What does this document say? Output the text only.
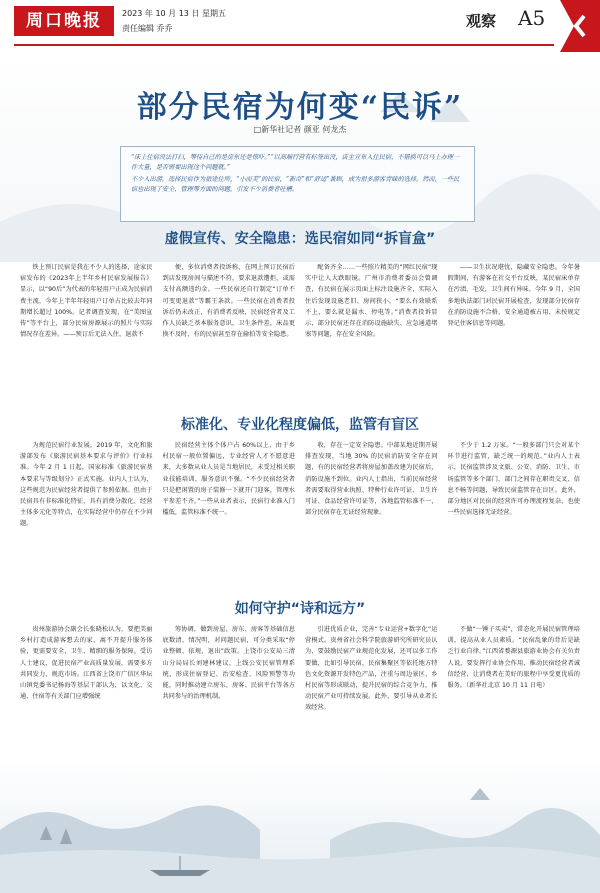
周口晚报	2023 年 10 月 13 日 星期五
责任编辑 乔乔	观察 A5
部分民宿为何变“民诉”
□新华社记者 颜亚 何龙杰

“床上住宿没法打扫，等待自己的是房东还是惊吓。”“以高端行营有标签出没，店主宣布入住民宿，不错换可以马上办理一件大量，是否需要出现这个问题就。”

不少入出游，选择民宿作为旅途住所，“小而美”的民宿，“新奇”和“舒适”兼顾，成为很多游客青睐的选择。然而，一些民宿也出现了安全、管理等方面的问题，引发不少消费者吐槽。

虚假宣传、安全隐患：选民宿如同“拆盲盒”

铁上预订民宿是我在不少人的选择，途家民宿发布的《2023年上半年乡村民宿发展报告》显示，以“90后”为代表的年轻用户正成为民宿消费主流，今年上半年年轻用户订单占比较去年同期增长超过 100%。记者调查发现，在“美图宣传”等平台上，部分民宿房源展示的照片与实际情况存在差异。——预订后无法入住，退款不

便，多位消费者投诉称，在网上预订民宿后到店发现房间与描述不符，要求退款遭拒，或需支付高额违约金。一些民宿还自行制定“订单不可变更退款”等霸王条款。一些民宿在消费者投诉后仍未改正，有消费者反映，民宿经营者及工作人员缺乏基本服务意识，卫生条件差，床品更换不及时，有的民宿甚至存在偷拍等安全隐患。

配备齐全……一些照片精美的“网红民宿”现实中让人大跌眼镜。广州市消费者委员会曾调查，有民宿在展示页面上标注设施齐全，实际入住后发现设施老旧、房间狭小。“要么有效联系不上，要么就是漏水、停电等。”消费者投诉显示，部分民宿还存在消防设施缺失、应急通道堵塞等问题，存在安全风险。

——卫生状况堪忧，隐藏安全隐患。今年暑假期间，有游客在社交平台反映，某民宿床单存在污渍、毛发，卫生间有异味。今年 9 月，全国多地执法部门对民宿开展检查，发现部分民宿存在消防设施不合格、安全通道被占用、未按规定登记住客信息等问题。

标准化、专业化程度偏低，监管有盲区

为规范民宿行业发展，2019 年，文化和旅游部发布《旅游民宿基本要求与评价》行业标准。今年 2 月 1 日起，国家标准《旅游民宿基本要求与等级划分》正式实施。业内人士认为，这些规范为民宿经营者提供了参照依据。但由于民宿具有非标准化特征，具有消费分散化、经营主体多元化等特点，在实际经营中仍存在不少问题。

民宿经营主体个体户占 60%以上，由于乡村民宿一般位置偏远，专业经营人才不愿意进来，大多数从业人员是当地居民，未受过相关职业技能培训，服务意识不强。“不少民宿经营者只是把闲置的房子装修一下就开门迎客，管理水平参差不齐。”一些从业者表示，民宿行业准入门槛低，监管标准不统一。

收，存在一定安全隐患。中部某地近期开展排查发现，当地 30% 的民宿消防安全存在问题，有的民宿经营者将房屋加盖改建为民宿后，消防设施不到位。业内人士指出，当前民宿经营者需要取得营业执照、特种行业许可证、卫生许可证、食品经营许可证等，各地监管标准不一，部分民宿存在无证经营现象。

不少于 1.2 万家。“一般多部门只会对某个环节进行监管，缺乏统一的规范。”业内人士表示，民宿监管涉及文旅、公安、消防、卫生、市场监管等多个部门，部门之间存在职责交叉、信息不畅等问题，导致民宿监管存在盲区。此外，部分地区对民宿的经营许可办理流程复杂，也使一些民宿选择无证经营。

如何守护“诗和远方”

贵州旅游协会副会长张晓松认为，要把美丽乡村打造成游客想去的家，离不开提升服务体验，更需要安全、卫生、精细的服务保障。受访人士建议，促进民宿产业高质量发展，需要多方共同发力，规范市场。江西省上饶市广信区华坛山镇党委书记杨海等基层干部认为，以文化、交通、住宿等有关部门应增强统

筹协调，做到房屋、房东、房客等基础信息底数清、情况明，对问题民宿，可分类采取“停业整顿、依规、退出”政策。上饶市公安局三清山分局局长刘建林建议，上线公安民宿管理系统，形成住宿登记、治安检查、风险预警等功能，同时推动建立房东、房客、民宿平台等各方共同参与的治理机制。

引进优质企业，完善“专业运营+数字化”运营模式。贵州省社会科学院旅游研究所研究员认为，要鼓励民宿产业规范化发展，还可以多工作要做，比如引导民宿、民宿集聚区等依托地方特色文化资源开发特色产品，注重与周边景区、乡村民宿等形成联动，提升民宿的综合竞争力，推动民宿产业可持续发展。此外，要引导从业者长效经营。

不做“一锤子买卖”，常态化开展民宿管理培训，提高从业人员素质。“民宿乱象的背后是缺乏行业自律。”江西省婺源县旅游业协会有关负责人说，要发挥行业协会作用，推动民宿经营者诚信经营，让消费者在美好的旅程中享受更优质的服务。（新华社北京 10 月 11 日电）
